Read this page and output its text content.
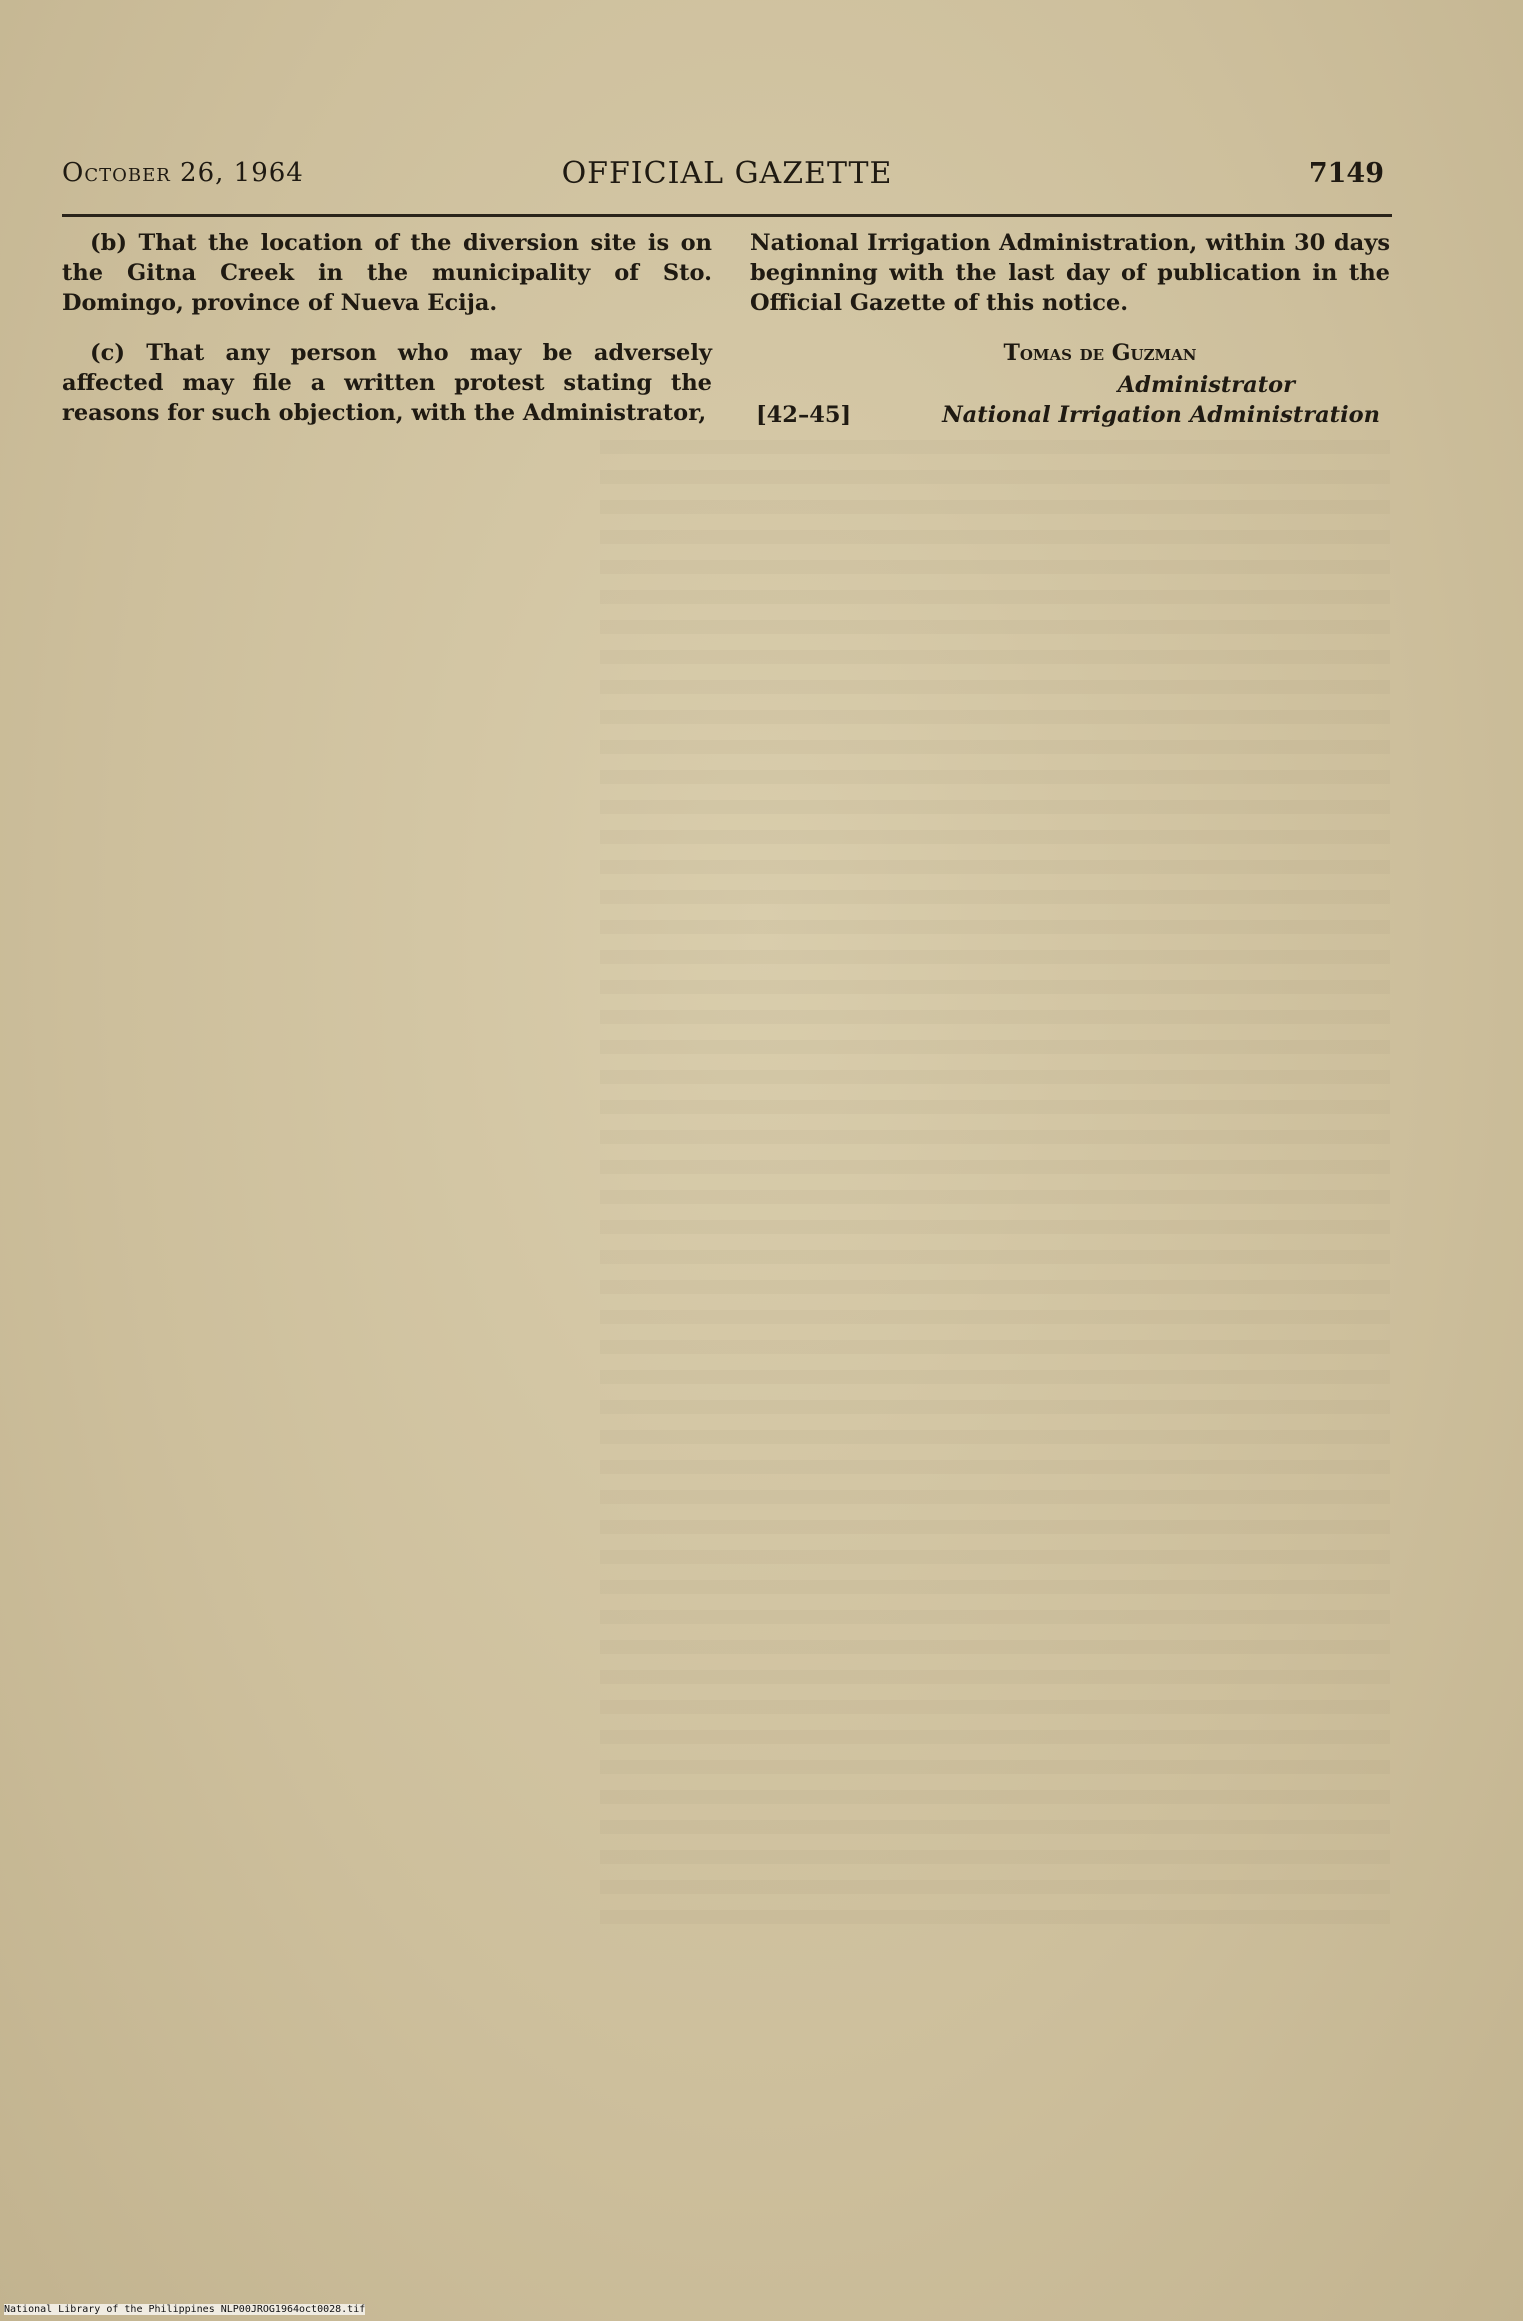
October 26, 1964	OFFICIAL GAZETTE	7149

(b) That the location of the diversion site is on the Gitna Creek in the municipality of Sto. Domingo, province of Nueva Ecija.

(c) That any person who may be adversely affected may file a written protest stating the reasons for such objection, with the Administrator,

National Irrigation Administration, within 30 days beginning with the last day of publication in the Official Gazette of this notice.

Tomas de Guzman
Administrator
[42–45]	National Irrigation Administration
National Library of the Philippines NLP00JROG1964oct0028.tif
